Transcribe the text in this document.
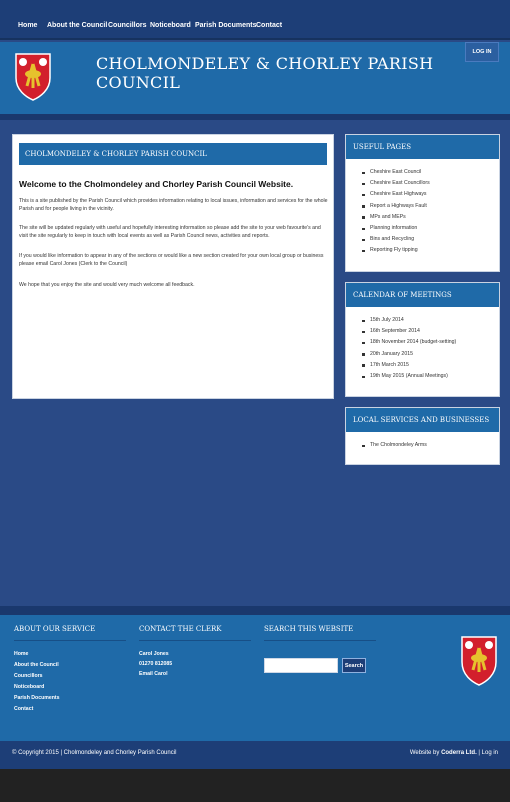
Home About the Council Councillors Noticeboard Parish Documents Contact
CHOLMONDELEY & CHORLEY PARISH COUNCIL
LOG IN
CHOLMONDELEY & CHORLEY PARISH COUNCIL
Welcome to the Cholmondeley and Chorley Parish Council Website.
This is a site published by the Parish Council which provides information relating to local issues, information and services for the whole Parish and for people living in the vicinity.
The site will be updated regularly with useful and hopefully interesting information so please add the site to your web favourite's and visit the site regularly to keep in touch with local events as well as Parish Council news, activities and reports.
If you would like information to appear in any of the sections or would like a new section created for your own local group or business please email Carol Jones (Clerk to the Council)
We hope that you enjoy the site and would very much welcome all feedback.
USEFUL PAGES
Cheshire East Council
Cheshire East Councillors
Cheshire East Highways
Report a Highways Fault
MPs and MEPs
Planning information
Bins and Recycling
Reporting Fly tipping
CALENDAR OF MEETINGS
15th July 2014
16th September 2014
18th November 2014 (budget-setting)
20th January 2015
17th March 2015
19th May 2015 (Annual Meetings)
LOCAL SERVICES AND BUSINESSES
The Cholmondeley Arms
ABOUT OUR SERVICE
Home
About the Council
Councillors
Noticeboard
Parish Documents
Contact
CONTACT THE CLERK
Carol Jones
01270 812085
Email Carol
SEARCH THIS WEBSITE
Search
© Copyright 2015 | Cholmondeley and Chorley Parish Council	Website by Coderra Ltd. | Log in
